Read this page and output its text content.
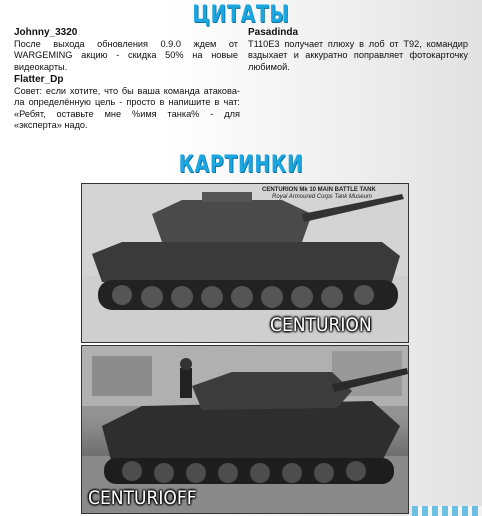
ЦИТАТЫ
Johnny_3320
После выхода обновления 0.9.0 ждем от WARGEMING акцию - скидка 50% на новые видеокарты.
Pasadinda
T110E3 получает плюху в лоб от T92, командир вздыхает и аккуратно поправляет фотокарточку любимой.
Flatter_Dp
Совет: если хотите, что бы ваша команда атакова-ла определённую цель - просто в напишите в чат: «Ребят, оставьте мне %имя танка% - для «эксперта» надо.
КАРТИНКИ
CENTURION Mk 10 MAIN BATTLE TANK
Royal Armoured Corps Tank Museum
CENTURION
CENTURIOFF
